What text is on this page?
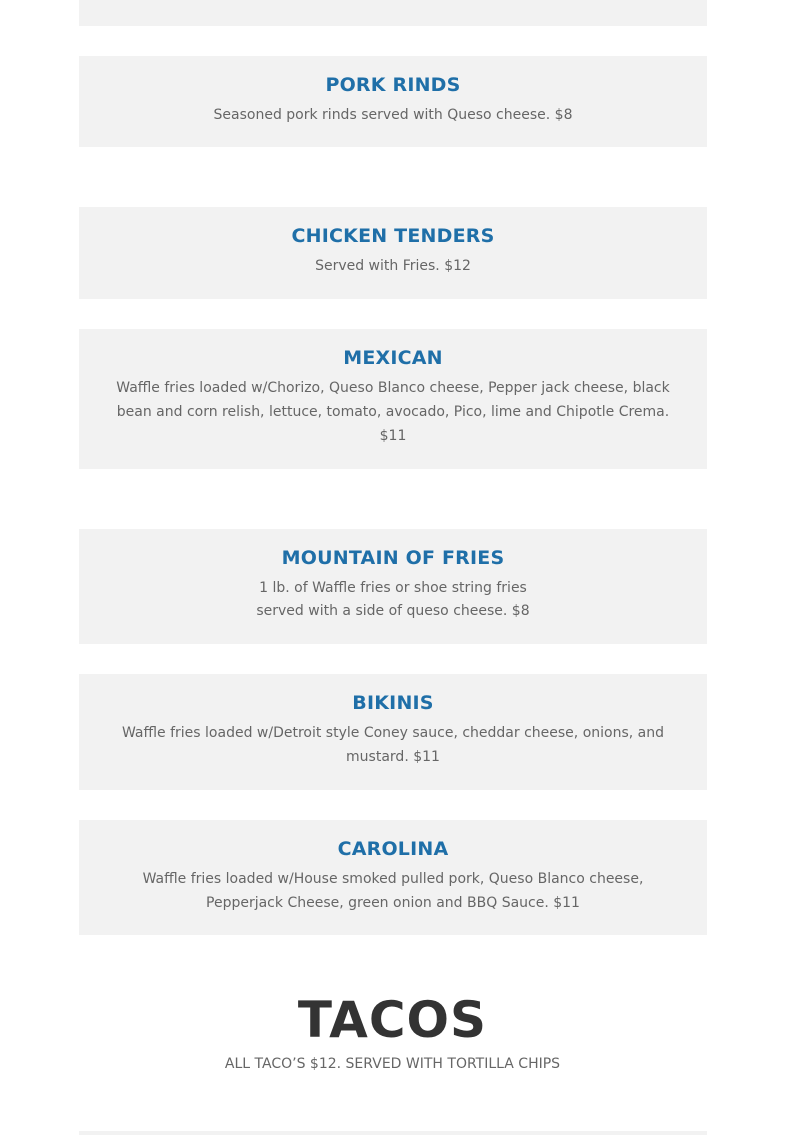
PORK RINDS
Seasoned pork rinds served with Queso cheese. $8
CHICKEN TENDERS
Served with Fries. $12
MEXICAN
Waffle fries loaded w/Chorizo, Queso Blanco cheese, Pepper jack cheese, black
bean and corn relish, lettuce, tomato, avocado, Pico, lime and Chipotle Crema.
$11
MOUNTAIN OF FRIES
1 lb. of Waffle fries or shoe string fries
served with a side of queso cheese. $8
BIKINIS
Waffle fries loaded w/Detroit style Coney sauce, cheddar cheese, onions, and
mustard. $11
CAROLINA
Waffle fries loaded w/House smoked pulled pork, Queso Blanco cheese,
Pepperjack Cheese, green onion and BBQ Sauce. $11
TACOS
ALL TACO’S $12. SERVED WITH TORTILLA CHIPS
